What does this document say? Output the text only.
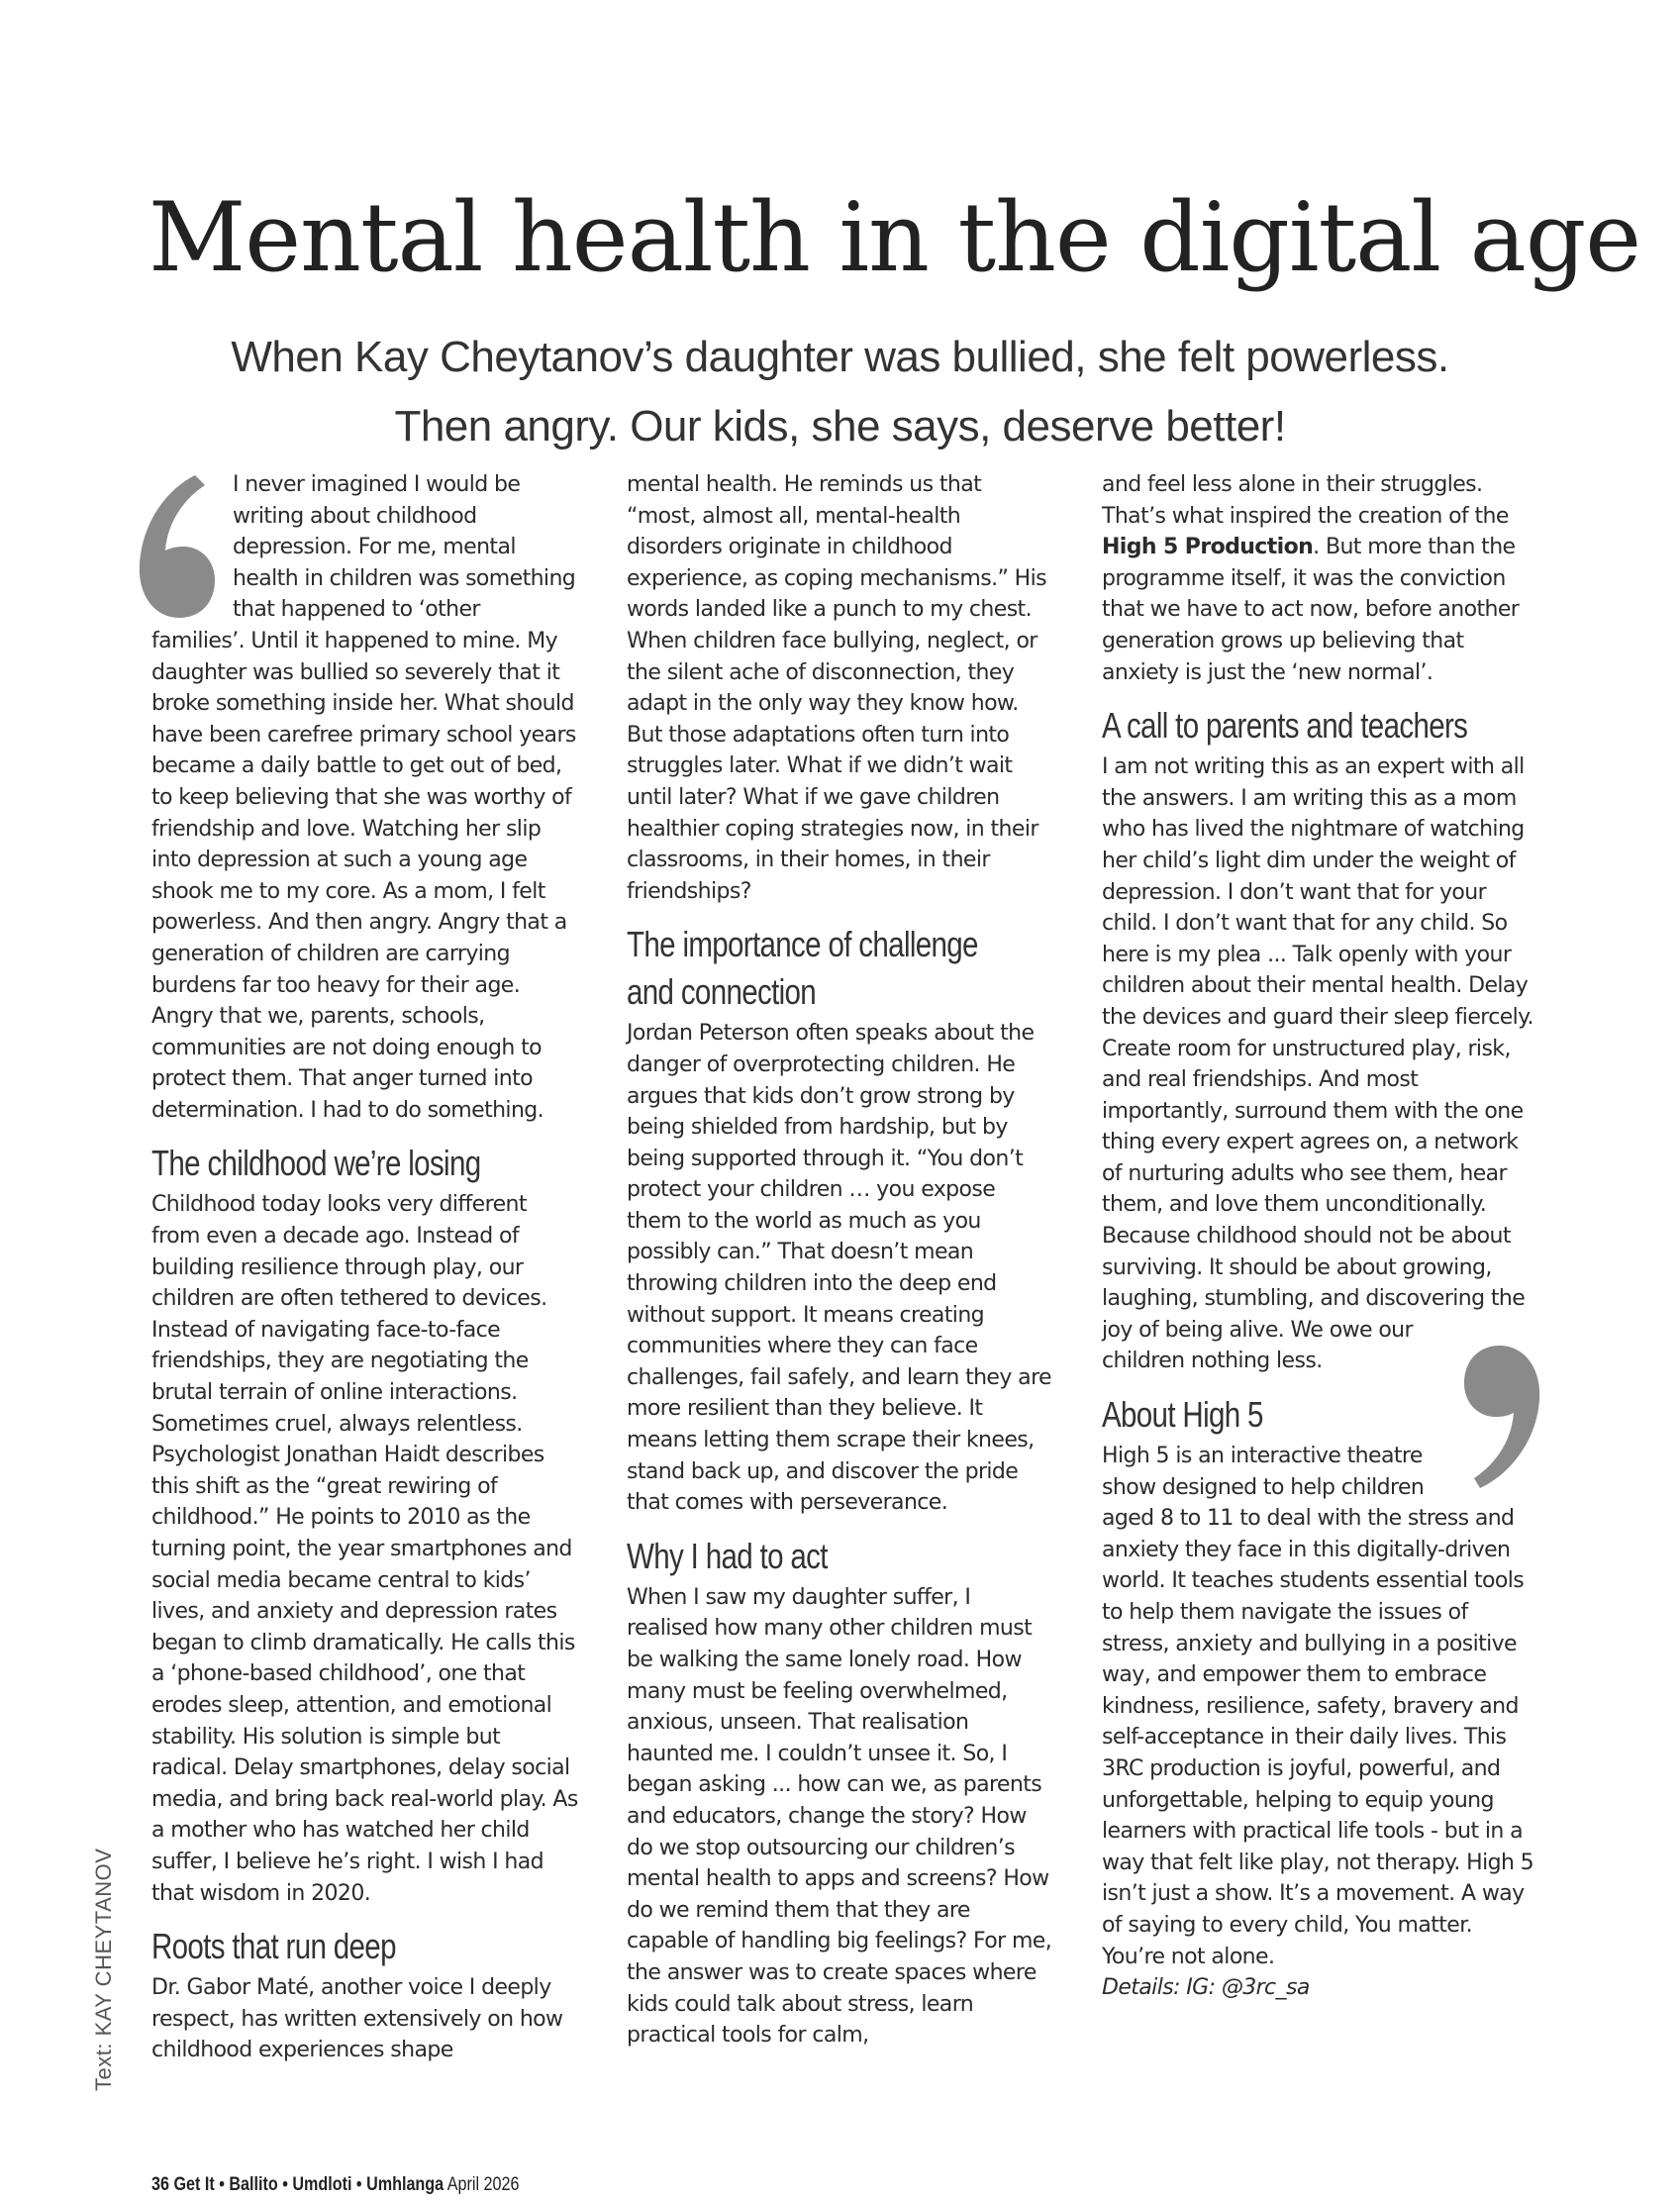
Mental health in the digital age
When Kay Cheytanov’s daughter was bullied, she felt powerless.
Then angry. Our kids, she says, deserve better!

I never imagined I would be writing about childhood depression. For me, mental health in children was something that happened to ‘other families’. Until it happened to mine. My daughter was bullied so severely that it broke something inside her. What should have been carefree primary school years became a daily battle to get out of bed, to keep believing that she was worthy of friendship and love. Watching her slip into depression at such a young age shook me to my core. As a mom, I felt powerless. And then angry. Angry that a generation of children are carrying burdens far too heavy for their age. Angry that we, parents, schools, communities are not doing enough to protect them. That anger turned into determination. I had to do something.

The childhood we’re losing

Childhood today looks very different from even a decade ago. Instead of building resilience through play, our children are often tethered to devices. Instead of navigating face-to-face friendships, they are negotiating the brutal terrain of online interactions. Sometimes cruel, always relentless. Psychologist Jonathan Haidt describes this shift as the “great rewiring of childhood.” He points to 2010 as the turning point, the year smartphones and social media became central to kids’ lives, and anxiety and depression rates began to climb dramatically. He calls this a ‘phone-based childhood’, one that erodes sleep, attention, and emotional stability. His solution is simple but radical. Delay smartphones, delay social media, and bring back real-world play. As a mother who has watched her child suffer, I believe he’s right. I wish I had that wisdom in 2020.

Roots that run deep

Dr. Gabor Maté, another voice I deeply respect, has written extensively on how childhood experiences shape

mental health. He reminds us that “most, almost all, mental-health disorders originate in childhood experience, as coping mechanisms.” His words landed like a punch to my chest. When children face bullying, neglect, or the silent ache of disconnection, they adapt in the only way they know how. But those adaptations often turn into struggles later. What if we didn’t wait until later? What if we gave children healthier coping strategies now, in their classrooms, in their homes, in their friendships?

The importance of challenge
and connection

Jordan Peterson often speaks about the danger of overprotecting children. He argues that kids don’t grow strong by being shielded from hardship, but by being supported through it. “You don’t protect your children … you expose them to the world as much as you possibly can.” That doesn’t mean throwing children into the deep end without support. It means creating communities where they can face challenges, fail safely, and learn they are more resilient than they believe. It means letting them scrape their knees, stand back up, and discover the pride that comes with perseverance.

Why I had to act

When I saw my daughter suffer, I realised how many other children must be walking the same lonely road. How many must be feeling overwhelmed, anxious, unseen. That realisation haunted me. I couldn’t unsee it. So, I began asking ... how can we, as parents and educators, change the story? How do we stop outsourcing our children’s mental health to apps and screens? How do we remind them that they are capable of handling big feelings? For me, the answer was to create spaces where kids could talk about stress, learn practical tools for calm,

and feel less alone in their struggles. That’s what inspired the creation of the High 5 Production. But more than the programme itself, it was the conviction that we have to act now, before another generation grows up believing that anxiety is just the ‘new normal’.

A call to parents and teachers

I am not writing this as an expert with all the answers. I am writing this as a mom who has lived the nightmare of watching her child’s light dim under the weight of depression. I don’t want that for your child. I don’t want that for any child. So here is my plea ... Talk openly with your children about their mental health. Delay the devices and guard their sleep fiercely. Create room for unstructured play, risk, and real friendships. And most importantly, surround them with the one thing every expert agrees on, a network of nurturing adults who see them, hear them, and love them unconditionally. Because childhood should not be about surviving. It should be about growing, laughing, stumbling, and discovering the joy of being alive. We owe our children nothing less.

About High 5

High 5 is an interactive theatre show designed to help children aged 8 to 11 to deal with the stress and anxiety they face in this digitally-driven world. It teaches students essential tools to help them navigate the issues of stress, anxiety and bullying in a positive way, and empower them to embrace kindness, resilience, safety, bravery and self-acceptance in their daily lives. This 3RC production is joyful, powerful, and unforgettable, helping to equip young learners with practical life tools - but in a way that felt like play, not therapy. High 5 isn’t just a show. It’s a movement. A way of saying to every child, You matter. You’re not alone.

Details: IG: @3rc_sa

Text: KAY CHEYTANOV
36 Get It • Ballito • Umdloti • Umhlanga April 2026
